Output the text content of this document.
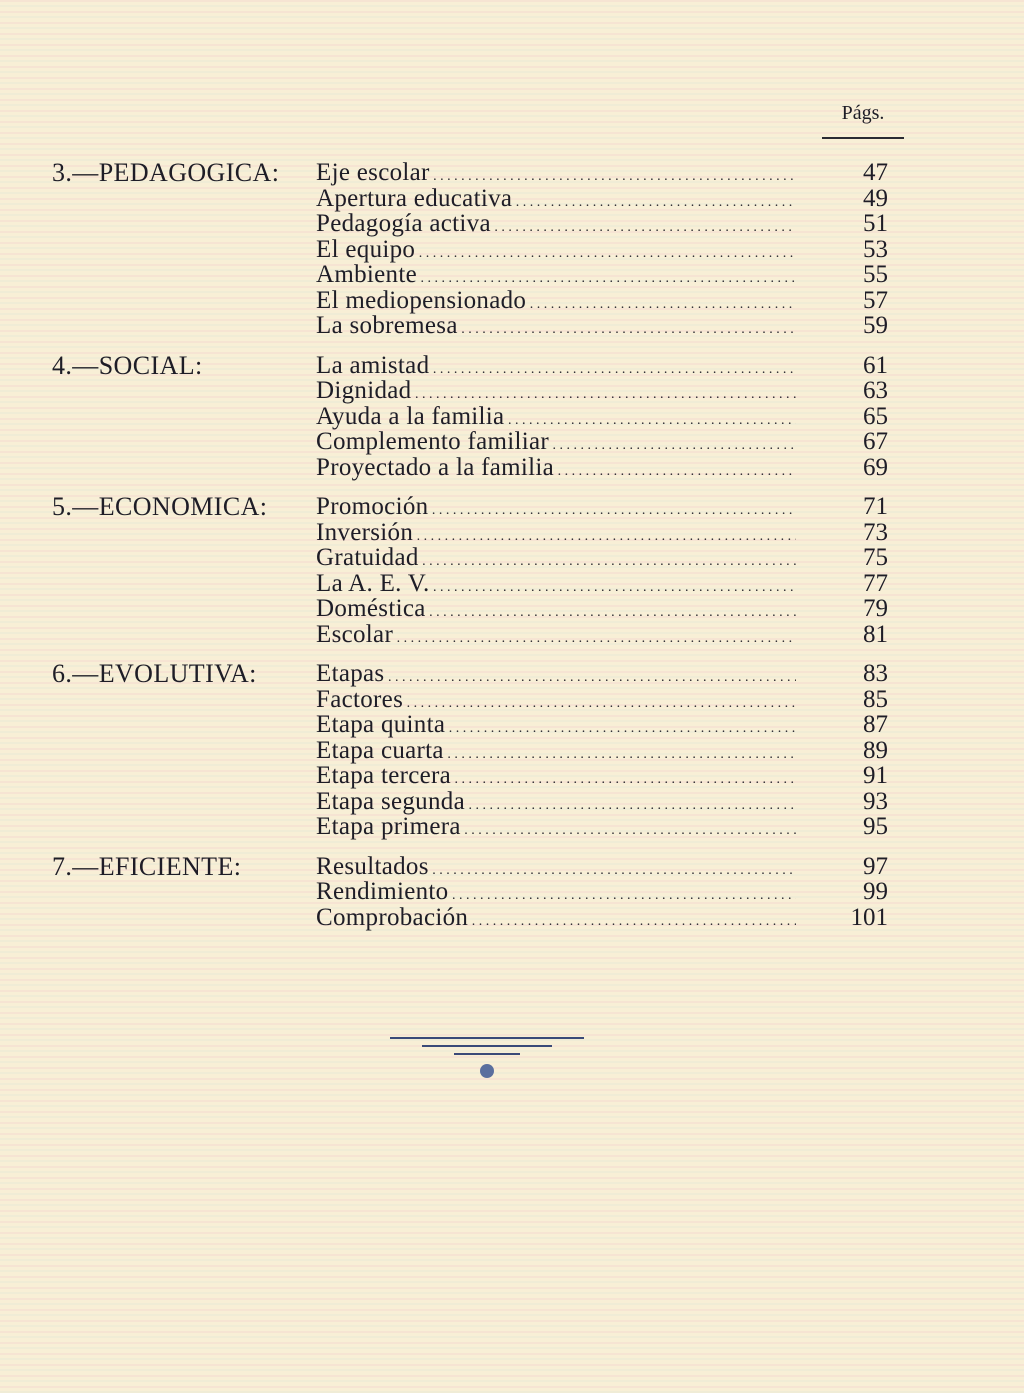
Págs.
3.—PEDAGOGICA: Eje escolar . . .	47
Apertura educativa . . .	49
Pedagogía activa . . .	51
El equipo . . .	53
Ambiente . . .	55
El mediopensionado . . .	57
La sobremesa . . .	59
4.—SOCIAL:	La amistad . . .	61
Dignidad . . .	63
Ayuda a la familia . . .	65
Complemento familiar . . .	67
Proyectado a la familia . . .	69
5.—ECONOMICA: Promoción . . .	71
Inversión . . .	73
Gratuidad . . .	75
La A. E. V. . . .	77
Doméstica . . .	79
Escolar . . .	81
6.—EVOLUTIVA: Etapas . . .	83
Factores . . .	85
Etapa quinta . . .	87
Etapa cuarta . . .	89
Etapa tercera . . .	91
Etapa segunda . . .	93
Etapa primera . . .	95
7.—EFICIENTE:	Resultados . . .	97
Rendimiento . . .	99
Comprobación . . .	101
